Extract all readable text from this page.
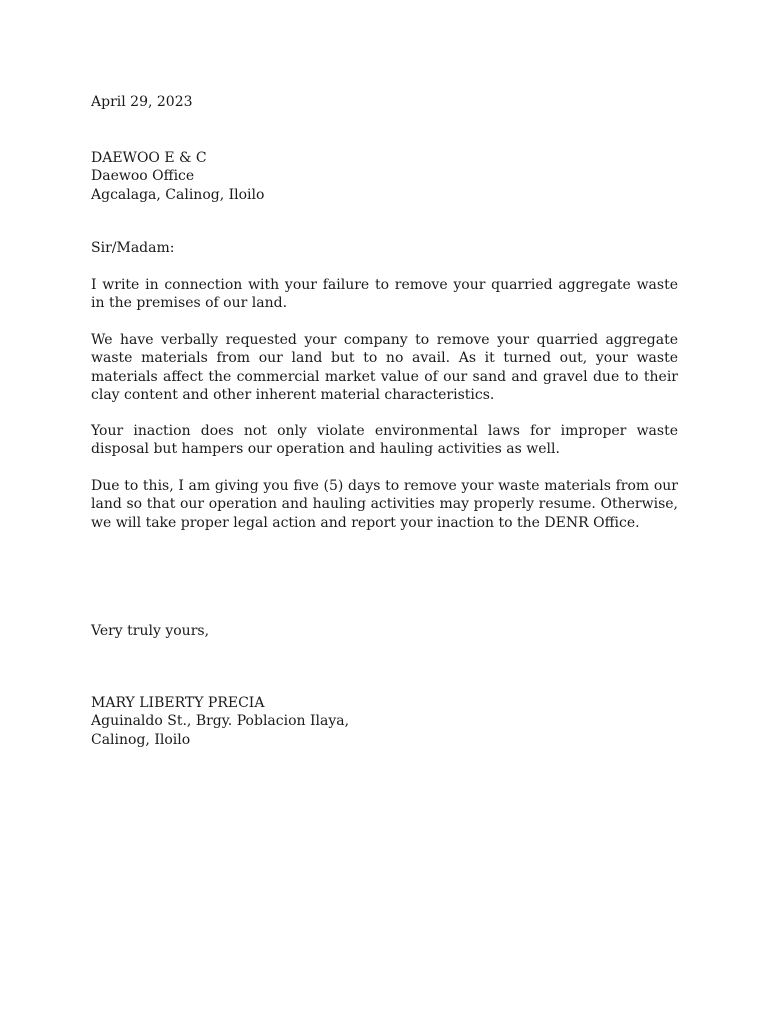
April 29, 2023
DAEWOO E & C
Daewoo Office
Agcalaga, Calinog, Iloilo
Sir/Madam:

I write in connection with your failure to remove your quarried aggregate waste in the premises of our land.

We have verbally requested your company to remove your quarried aggregate waste materials from our land but to no avail. As it turned out, your waste materials affect the commercial market value of our sand and gravel due to their clay content and other inherent material characteristics.

Your inaction does not only violate environmental laws for improper waste disposal but hampers our operation and hauling activities as well.

Due to this, I am giving you five (5) days to remove your waste materials from our land so that our operation and hauling activities may properly resume. Otherwise, we will take proper legal action and report your inaction to the DENR Office.

Very truly yours,
MARY LIBERTY PRECIA
Aguinaldo St., Brgy. Poblacion Ilaya,
Calinog, Iloilo
